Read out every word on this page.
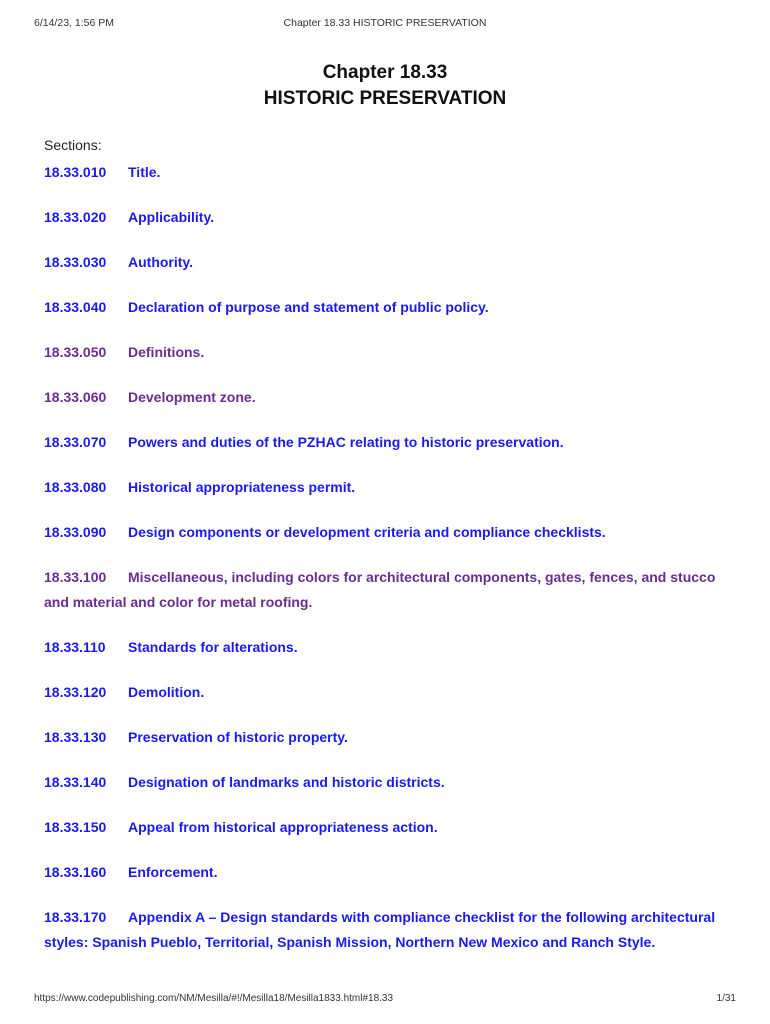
6/14/23, 1:56 PM	Chapter 18.33 HISTORIC PRESERVATION
Chapter 18.33
HISTORIC PRESERVATION
Sections:
18.33.010 Title.
18.33.020 Applicability.
18.33.030 Authority.
18.33.040 Declaration of purpose and statement of public policy.
18.33.050 Definitions.
18.33.060 Development zone.
18.33.070 Powers and duties of the PZHAC relating to historic preservation.
18.33.080 Historical appropriateness permit.
18.33.090 Design components or development criteria and compliance checklists.
18.33.100 Miscellaneous, including colors for architectural components, gates, fences, and stucco and material and color for metal roofing.
18.33.110 Standards for alterations.
18.33.120 Demolition.
18.33.130 Preservation of historic property.
18.33.140 Designation of landmarks and historic districts.
18.33.150 Appeal from historical appropriateness action.
18.33.160 Enforcement.
18.33.170 Appendix A – Design standards with compliance checklist for the following architectural styles: Spanish Pueblo, Territorial, Spanish Mission, Northern New Mexico and Ranch Style.
https://www.codepublishing.com/NM/Mesilla/#!/Mesilla18/Mesilla1833.html#18.33	1/31
